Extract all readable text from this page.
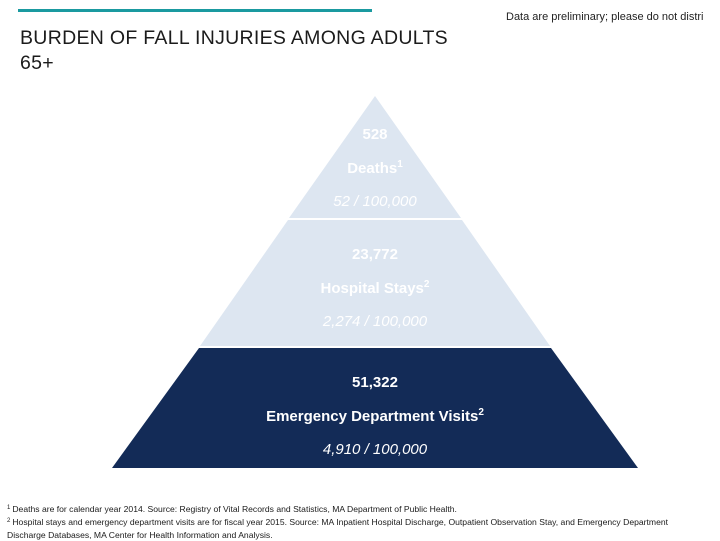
BURDEN OF FALL INJURIES AMONG ADULTS 65+
Data are preliminary; please do not distri
528
Deaths$^1$
52 / 100,000
23,772
Hospital Stays$^2$
2,274 / 100,000
51,322
Emergency Department Visits$^2$
4,910 / 100,000
$^1$ Deaths are for calendar year 2014. Source: Registry of Vital Records and Statistics, MA Department of Public Health.
$^2$ Hospital stays and emergency department visits are for fiscal year 2015. Source: MA Inpatient Hospital Discharge, Outpatient Observation Stay, and Emergency Department Discharge Databases, MA Center for Health Information and Analysis.
